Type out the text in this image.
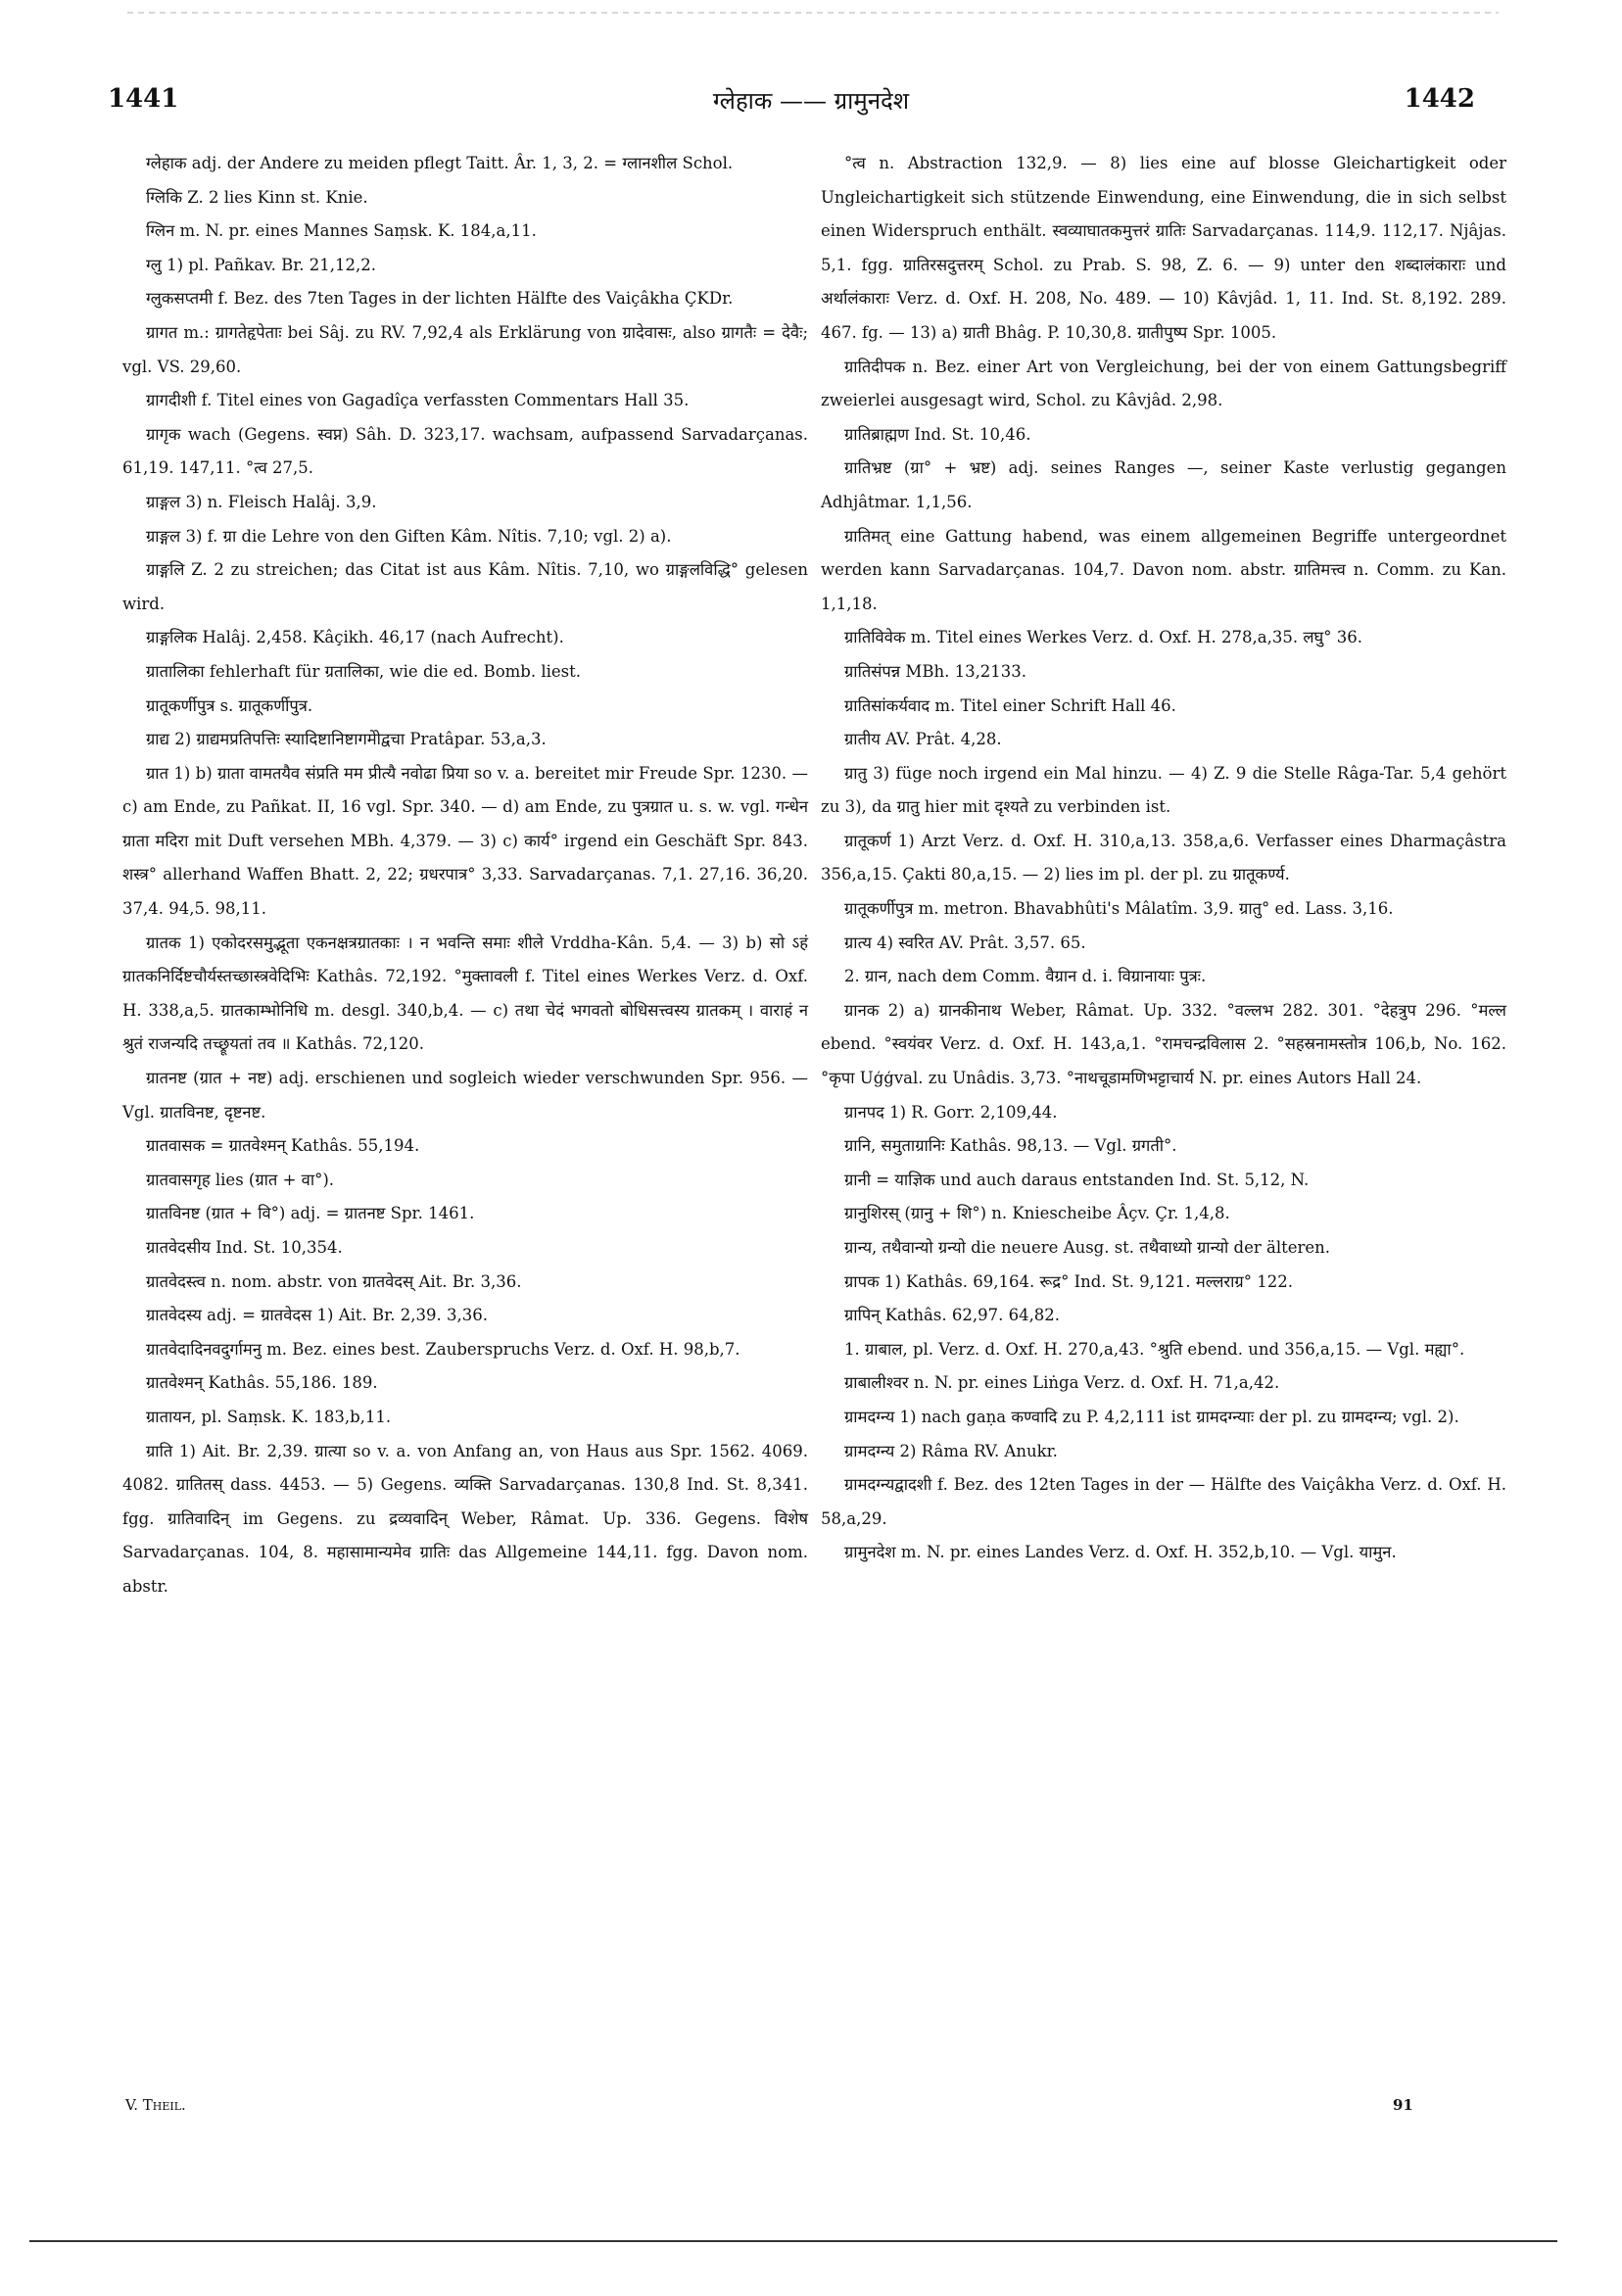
1441	ग्लेहाक —— ग्रामुनदेश	1442

ग्लेहाक adj. der Andere zu meiden pflegt Taitt. Âr. 1, 3, 2. = ग्लानशील Schol.

ग्लिकि Z. 2 lies Kinn st. Knie.

ग्लिन m. N. pr. eines Mannes Saṃsk. K. 184,a,11.

ग्लु 1) pl. Pañkav. Br. 21,12,2.

ग्लुकसप्तमी f. Bez. des 7ten Tages in der lichten Hälfte des Vaiçâkha ÇKDr.

ग्रागत m.: ग्रागतेहृपेताः bei Sâj. zu RV. 7,92,4 als Erklärung von ग्रादेवासः, also ग्रागतैः = देवैः; vgl. VS. 29,60.

ग्रागदीशी f. Titel eines von Gagadîça verfassten Commentars Hall 35.

ग्रागृक wach (Gegens. स्वप्न) Sâh. D. 323,17. wachsam, aufpassend Sarvadarçanas. 61,19. 147,11. °त्व 27,5.

ग्राङ्गल 3) n. Fleisch Halâj. 3,9.

ग्राङ्गल 3) f. ग्रा die Lehre von den Giften Kâm. Nîtis. 7,10; vgl. 2) a).

ग्राङ्गलि Z. 2 zu streichen; das Citat ist aus Kâm. Nîtis. 7,10, wo ग्राङ्गलविद्धि° gelesen wird.

ग्राङ्गलिक Halâj. 2,458. Kâçikh. 46,17 (nach Aufrecht).

ग्रातालिका fehlerhaft für ग्रतालिका, wie die ed. Bomb. liest.

ग्रातूकर्णीपुत्र s. ग्रातूकर्णीपुत्र.

ग्राद्य 2) ग्राद्यमप्रतिपत्तिः स्यादिष्टानिष्टागमेोद्वचा Pratâpar. 53,a,3.

ग्रात 1) b) ग्राता वामतयैव संप्रति मम प्रीत्यै नवोढा प्रिया so v. a. bereitet mir Freude Spr. 1230. — c) am Ende, zu Pañkat. II, 16 vgl. Spr. 340. — d) am Ende, zu पुत्रग्रात u. s. w. vgl. गन्धेन ग्राता मदिरा mit Duft versehen MBh. 4,379. — 3) c) कार्य° irgend ein Geschäft Spr. 843. शस्त्र° allerhand Waffen Bhatt. 2, 22; ग्रधरपात्र° 3,33. Sarvadarçanas. 7,1. 27,16. 36,20. 37,4. 94,5. 98,11.

ग्रातक 1) एकोदरसमुद्भूता एकनक्षत्रग्रातकाः । न भवन्ति समाः शीले Vrddha-Kân. 5,4. — 3) b) सो ऽहं ग्रातकनिर्दिष्टचौर्यस्तच्छास्त्रवेदिभिः Kathâs. 72,192. °मुक्तावली f. Titel eines Werkes Verz. d. Oxf. H. 338,a,5. ग्रातकाम्भोनिधि m. desgl. 340,b,4. — c) तथा चेदं भगवतो बोधिसत्त्वस्य ग्रातकम् । वाराहं न श्रुतं राजन्यदि तच्छ्रूयतां तव ॥ Kathâs. 72,120.

ग्रातनष्ट (ग्रात + नष्ट) adj. erschienen und sogleich wieder verschwunden Spr. 956. — Vgl. ग्रातविनष्ट, दृष्टनष्ट.

ग्रातवासक = ग्रातवेश्मन् Kathâs. 55,194.

ग्रातवासगृह lies (ग्रात + वा°).

ग्रातविनष्ट (ग्रात + वि°) adj. = ग्रातनष्ट Spr. 1461.

ग्रातवेदसीय Ind. St. 10,354.

ग्रातवेदस्त्व n. nom. abstr. von ग्रातवेदस् Ait. Br. 3,36.

ग्रातवेदस्य adj. = ग्रातवेदस 1) Ait. Br. 2,39. 3,36.

ग्रातवेदादिनवदुर्गामनु m. Bez. eines best. Zauberspruchs Verz. d. Oxf. H. 98,b,7.

ग्रातवेश्मन् Kathâs. 55,186. 189.

ग्रातायन, pl. Saṃsk. K. 183,b,11.

ग्राति 1) Ait. Br. 2,39. ग्रात्या so v. a. von Anfang an, von Haus aus Spr. 1562. 4069. 4082. ग्रातितस् dass. 4453. — 5) Gegens. व्यक्ति Sarvadarçanas. 130,8 Ind. St. 8,341. fgg. ग्रातिवादिन् im Gegens. zu द्रव्यवादिन् Weber, Râmat. Up. 336. Gegens. विशेष Sarvadarçanas. 104, 8. महासामान्यमेव ग्रातिः das Allgemeine 144,11. fgg. Davon nom. abstr.

°त्व n. Abstraction 132,9. — 8) lies eine auf blosse Gleichartigkeit oder Ungleichartigkeit sich stützende Einwendung, eine Einwendung, die in sich selbst einen Widerspruch enthält. स्वव्याघातकमुत्तरं ग्रातिः Sarvadarçanas. 114,9. 112,17. Njâjas. 5,1. fgg. ग्रातिरसदुत्तरम् Schol. zu Prab. S. 98, Z. 6. — 9) unter den शब्दालंकाराः und अर्थालंकाराः Verz. d. Oxf. H. 208, No. 489. — 10) Kâvjâd. 1, 11. Ind. St. 8,192. 289. 467. fg. — 13) a) ग्राती Bhâg. P. 10,30,8. ग्रातीपुष्प Spr. 1005.

ग्रातिदीपक n. Bez. einer Art von Vergleichung, bei der von einem Gattungsbegriff zweierlei ausgesagt wird, Schol. zu Kâvjâd. 2,98.

ग्रातिब्राह्मण Ind. St. 10,46.

ग्रातिभ्रष्ट (ग्रा° + भ्रष्ट) adj. seines Ranges —, seiner Kaste verlustig gegangen Adhjâtmar. 1,1,56.

ग्रातिमत् eine Gattung habend, was einem allgemeinen Begriffe untergeordnet werden kann Sarvadarçanas. 104,7. Davon nom. abstr. ग्रातिमत्त्व n. Comm. zu Kan. 1,1,18.

ग्रातिविवेक m. Titel eines Werkes Verz. d. Oxf. H. 278,a,35. लघु° 36.

ग्रातिसंपन्न MBh. 13,2133.

ग्रातिसांकर्यवाद m. Titel einer Schrift Hall 46.

ग्रातीय AV. Prât. 4,28.

ग्रातु 3) füge noch irgend ein Mal hinzu. — 4) Z. 9 die Stelle Râga-Tar. 5,4 gehört zu 3), da ग्रातु hier mit दृश्यते zu verbinden ist.

ग्रातूकर्ण 1) Arzt Verz. d. Oxf. H. 310,a,13. 358,a,6. Verfasser eines Dharmaçâstra 356,a,15. Çakti 80,a,15. — 2) lies im pl. der pl. zu ग्रातूकर्ण्य.

ग्रातूकर्णीपुत्र m. metron. Bhavabhûti's Mâlatîm. 3,9. ग्रातु° ed. Lass. 3,16.

ग्रात्य 4) स्वरित AV. Prât. 3,57. 65.

2. ग्रान, nach dem Comm. वैग्रान d. i. विग्रानायाः पुत्रः.

ग्रानक 2) a) ग्रानकीनाथ Weber, Râmat. Up. 332. °वल्लभ 282. 301. °देहत्रुप 296. °मल्ल ebend. °स्वयंवर Verz. d. Oxf. H. 143,a,1. °रामचन्द्रविलास 2. °सहस्रनामस्तोत्र 106,b, No. 162. °कृपा Uģģval. zu Unâdis. 3,73. °नाथचूडामणिभट्टाचार्य N. pr. eines Autors Hall 24.

ग्रानपद 1) R. Gorr. 2,109,44.

ग्रानि, समुताग्रानिः Kathâs. 98,13. — Vgl. ग्रगती°.

ग्रानी = याज्ञिक und auch daraus entstanden Ind. St. 5,12, N.

ग्रानुशिरस् (ग्रानु + शि°) n. Kniescheibe Âçv. Çr. 1,4,8.

ग्रान्य, तथैवान्यो ग्रन्यो die neuere Ausg. st. तथैवाध्यो ग्रान्यो der älteren.

ग्रापक 1) Kathâs. 69,164. रूद्र° Ind. St. 9,121. मल्लराग्र° 122.

ग्रापिन् Kathâs. 62,97. 64,82.

1. ग्राबाल, pl. Verz. d. Oxf. H. 270,a,43. °श्रुति ebend. und 356,a,15. — Vgl. मह्या°.

ग्राबालीश्वर n. N. pr. eines Liṅga Verz. d. Oxf. H. 71,a,42.

ग्रामदग्न्य 1) nach gaṇa कण्वादि zu P. 4,2,111 ist ग्रामदग्न्याः der pl. zu ग्रामदग्न्य; vgl. 2).

ग्रामदग्न्य 2) Râma RV. Anukr.

ग्रामदग्न्यद्वादशी f. Bez. des 12ten Tages in der — Hälfte des Vaiçâkha Verz. d. Oxf. H. 58,a,29.

ग्रामुनदेश m. N. pr. eines Landes Verz. d. Oxf. H. 352,b,10. — Vgl. यामुन.

V. Theil.	91
